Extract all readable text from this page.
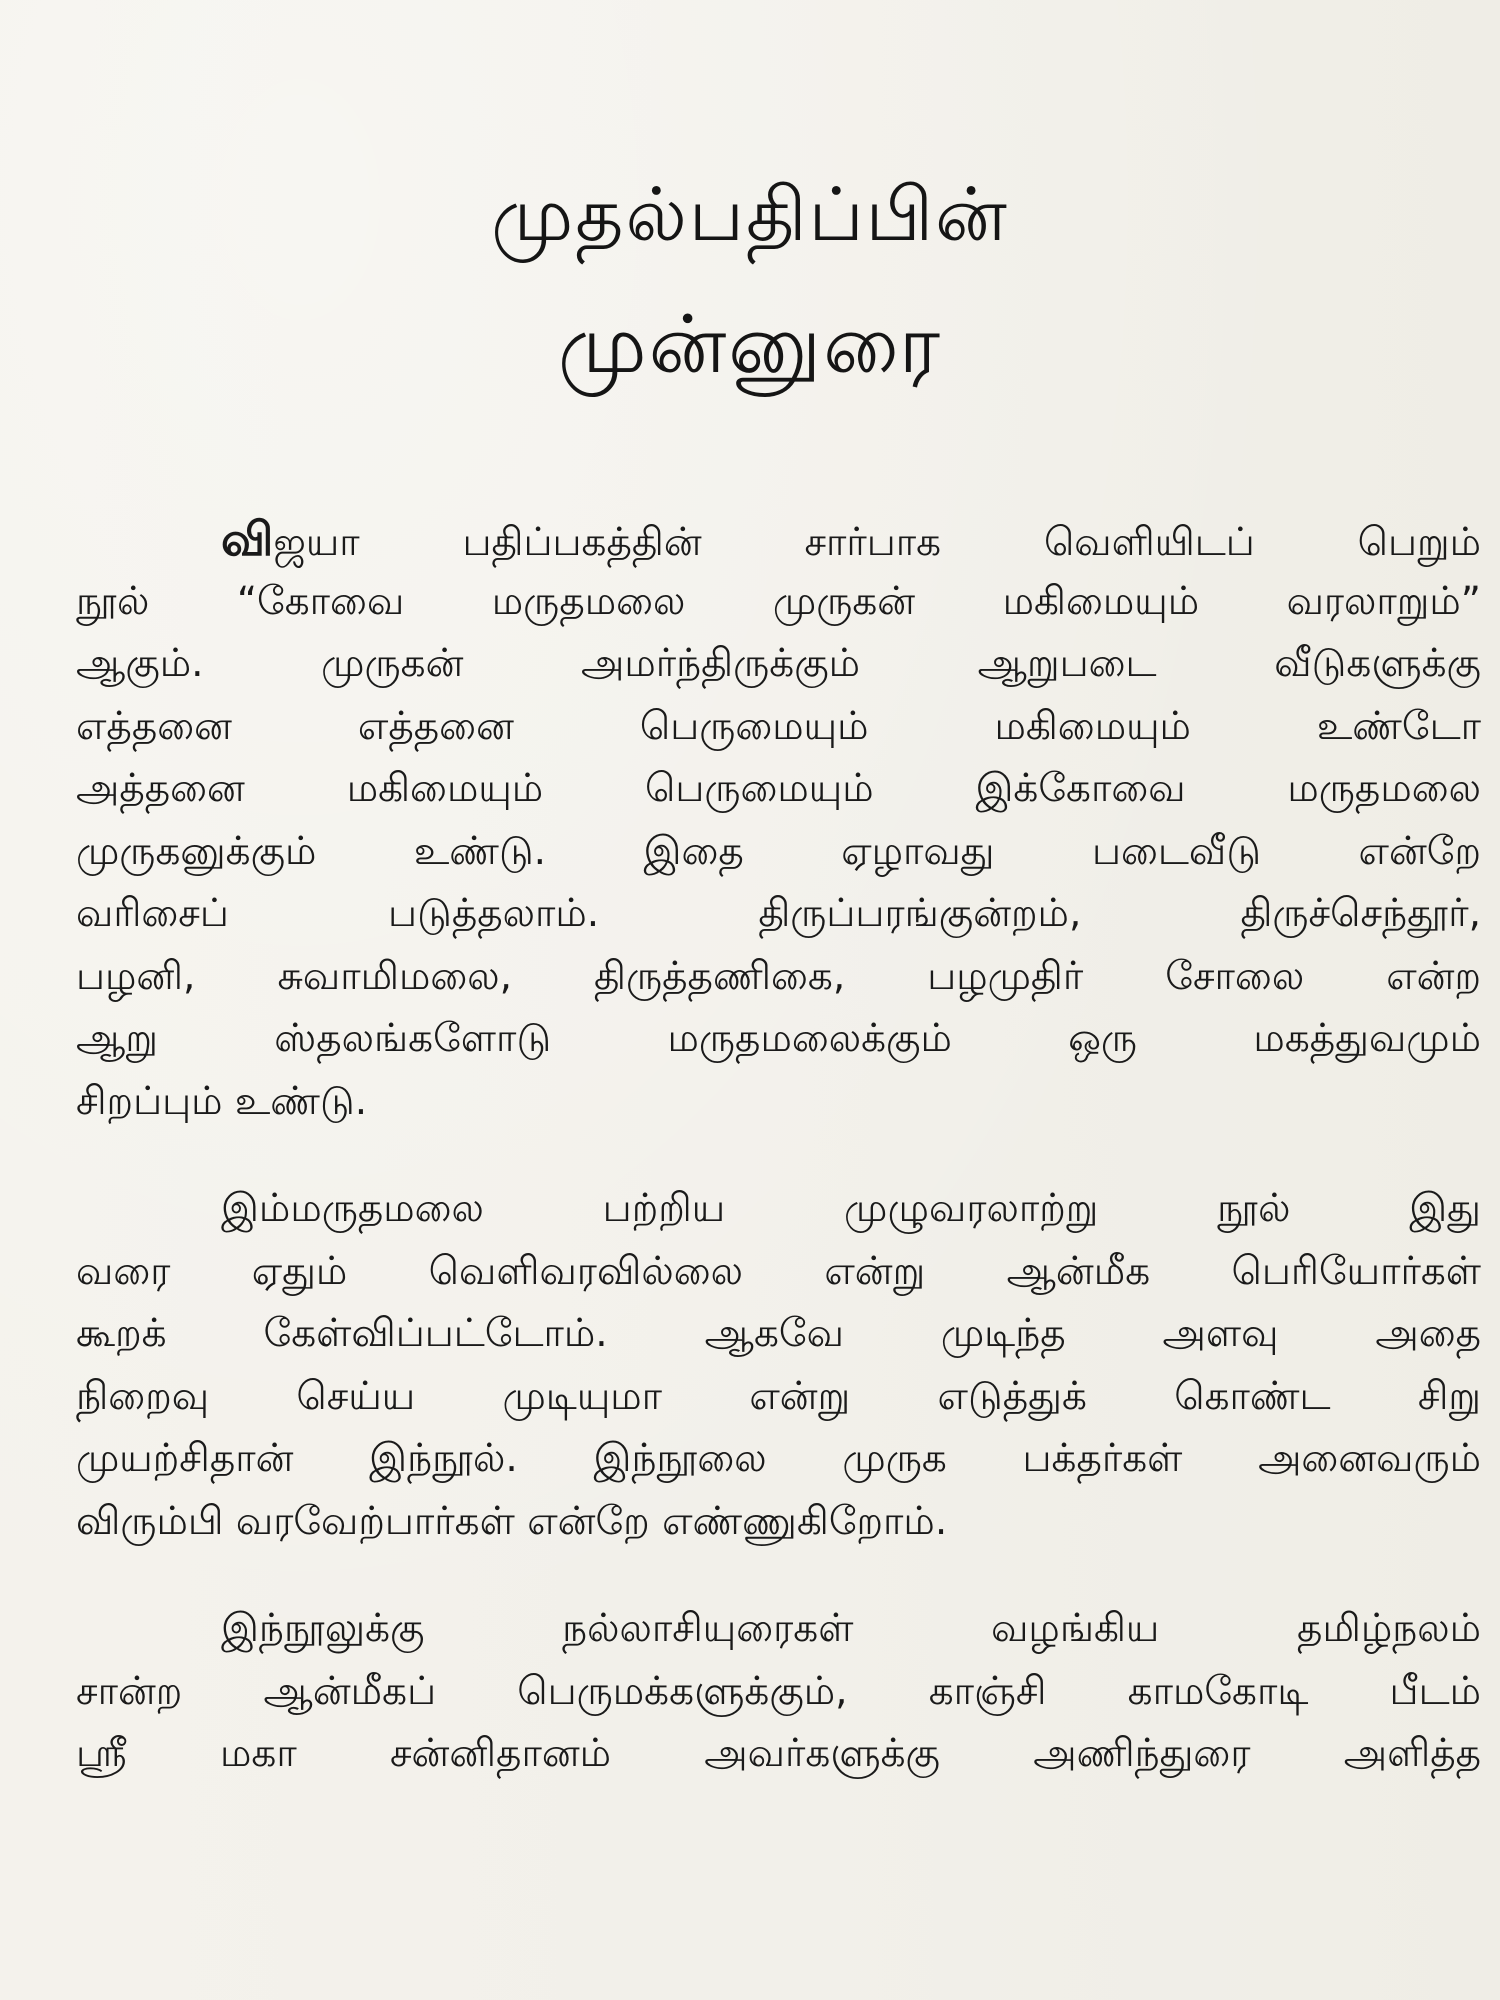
முதல்பதிப்பின்
முன்னுரை
விஜயா பதிப்பகத்தின் சார்பாக வெளியிடப் பெறும்
நூல் “கோவை மருதமலை முருகன் மகிமையும் வரலாறும்”
ஆகும். முருகன் அமர்ந்திருக்கும் ஆறுபடை வீடுகளுக்கு
எத்தனை எத்தனை பெருமையும் மகிமையும் உண்டோ
அத்தனை மகிமையும் பெருமையும் இக்கோவை மருதமலை
முருகனுக்கும் உண்டு. இதை ஏழாவது படைவீடு என்றே
வரிசைப் படுத்தலாம். திருப்பரங்குன்றம், திருச்செந்தூர்,
பழனி, சுவாமிமலை, திருத்தணிகை, பழமுதிர் சோலை என்ற
ஆறு ஸ்தலங்களோடு மருதமலைக்கும் ஒரு மகத்துவமும்
சிறப்பும் உண்டு.
இம்மருதமலை பற்றிய முழுவரலாற்று நூல் இது
வரை ஏதும் வெளிவரவில்லை என்று ஆன்மீக பெரியோர்கள்
கூறக் கேள்விப்பட்டோம். ஆகவே முடிந்த அளவு அதை
நிறைவு செய்ய முடியுமா என்று எடுத்துக் கொண்ட சிறு
முயற்சிதான் இந்நூல். இந்நூலை முருக பக்தர்கள் அனைவரும்
விரும்பி வரவேற்பார்கள் என்றே எண்ணுகிறோம்.
இந்நூலுக்கு நல்லாசியுரைகள் வழங்கிய தமிழ்நலம்
சான்ற ஆன்மீகப் பெருமக்களுக்கும், காஞ்சி காமகோடி பீடம்
ஸ்ரீ மகா சன்னிதானம் அவர்களுக்கு அணிந்துரை அளித்த
